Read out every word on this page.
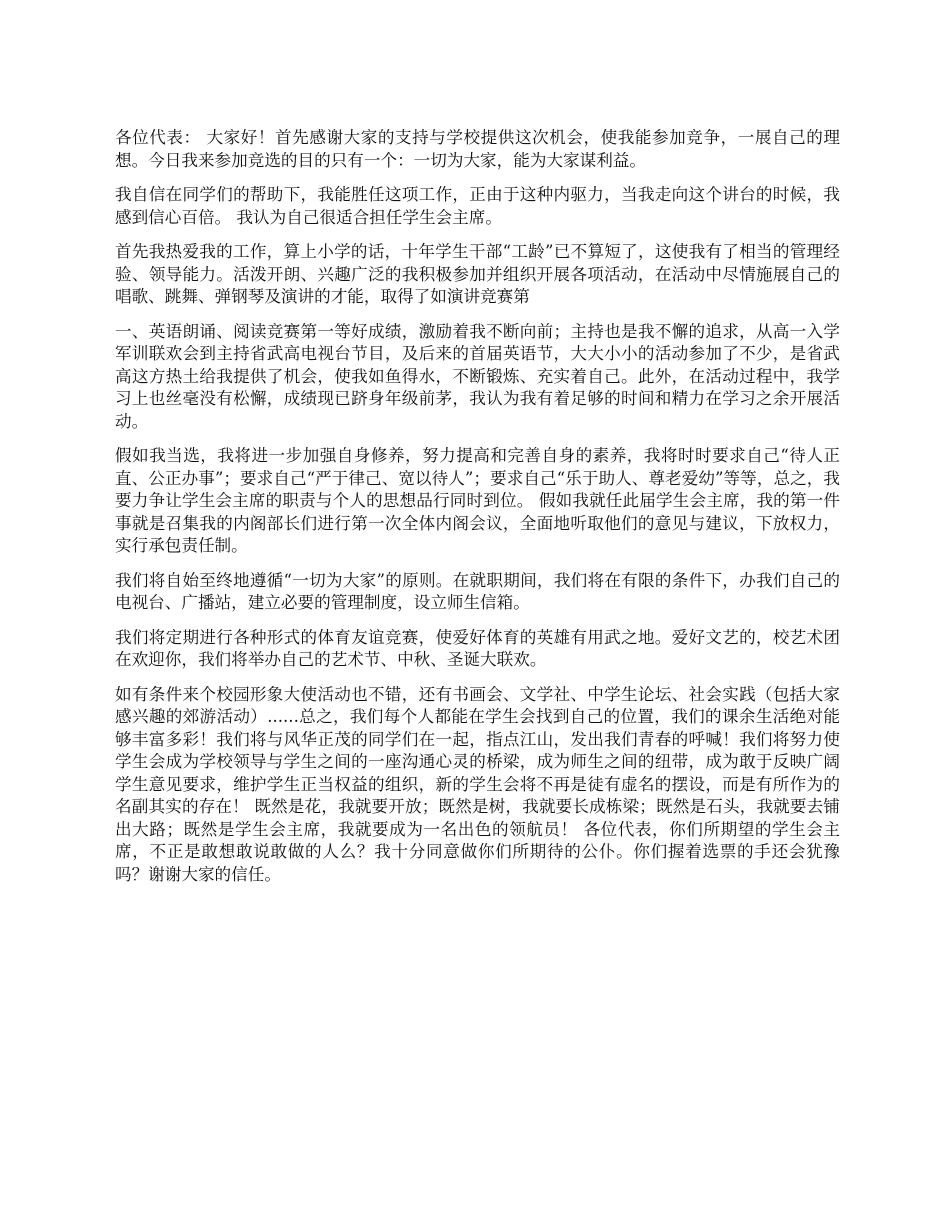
各位代表： 大家好！首先感谢大家的支持与学校提供这次机会，使我能参加竞争，一展自己的理想。今日我来参加竞选的目的只有一个：一切为大家，能为大家谋利益。

我自信在同学们的帮助下，我能胜任这项工作，正由于这种内驱力，当我走向这个讲台的时候，我感到信心百倍。 我认为自己很适合担任学生会主席。

首先我热爱我的工作，算上小学的话，十年学生干部“工龄”已不算短了，这使我有了相当的管理经验、领导能力。活泼开朗、兴趣广泛的我积极参加并组织开展各项活动，在活动中尽情施展自己的唱歌、跳舞、弹钢琴及演讲的才能，取得了如演讲竞赛第

一、英语朗诵、阅读竞赛第一等好成绩，激励着我不断向前；主持也是我不懈的追求，从高一入学军训联欢会到主持省武高电视台节目，及后来的首届英语节，大大小小的活动参加了不少，是省武高这方热土给我提供了机会，使我如鱼得水，不断锻炼、充实着自己。此外，在活动过程中，我学习上也丝毫没有松懈，成绩现已跻身年级前茅，我认为我有着足够的时间和精力在学习之余开展活动。

假如我当选，我将进一步加强自身修养，努力提高和完善自身的素养，我将时时要求自己“待人正直、公正办事”；要求自己“严于律己、宽以待人”；要求自己“乐于助人、尊老爱幼”等等，总之，我要力争让学生会主席的职责与个人的思想品行同时到位。 假如我就任此届学生会主席，我的第一件事就是召集我的内阁部长们进行第一次全体内阁会议，全面地听取他们的意见与建议，下放权力，实行承包责任制。

我们将自始至终地遵循“一切为大家”的原则。在就职期间，我们将在有限的条件下，办我们自己的电视台、广播站，建立必要的管理制度，设立师生信箱。

我们将定期进行各种形式的体育友谊竞赛，使爱好体育的英雄有用武之地。爱好文艺的，校艺术团在欢迎你，我们将举办自己的艺术节、中秋、圣诞大联欢。

如有条件来个校园形象大使活动也不错，还有书画会、文学社、中学生论坛、社会实践（包括大家感兴趣的郊游活动）......总之，我们每个人都能在学生会找到自己的位置，我们的课余生活绝对能够丰富多彩！我们将与风华正茂的同学们在一起，指点江山，发出我们青春的呼喊！我们将努力使学生会成为学校领导与学生之间的一座沟通心灵的桥梁，成为师生之间的纽带，成为敢于反映广阔学生意见要求，维护学生正当权益的组织，新的学生会将不再是徒有虚名的摆设，而是有所作为的名副其实的存在！ 既然是花，我就要开放；既然是树，我就要长成栋梁；既然是石头，我就要去铺出大路；既然是学生会主席，我就要成为一名出色的领航员！ 各位代表，你们所期望的学生会主席，不正是敢想敢说敢做的人么？我十分同意做你们所期待的公仆。你们握着选票的手还会犹豫吗？谢谢大家的信任。
